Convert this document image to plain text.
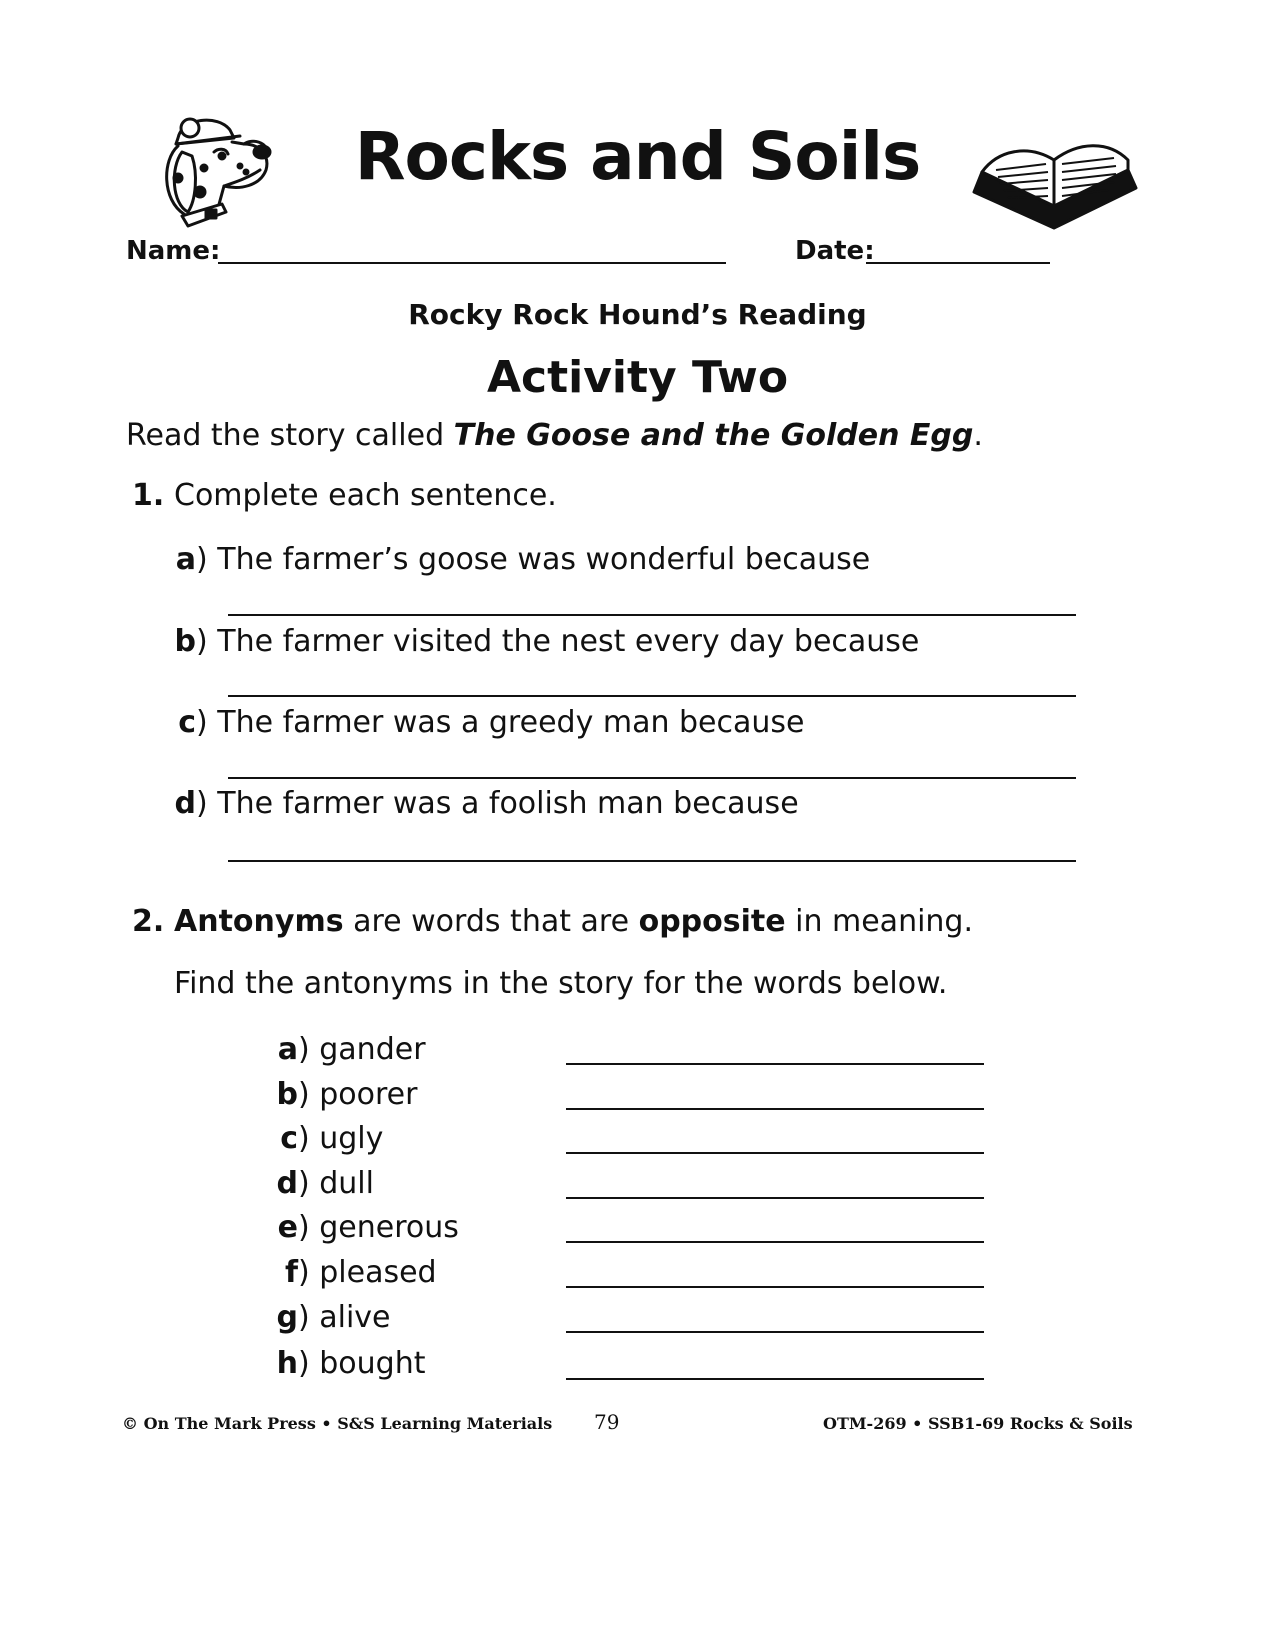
Rocks and Soils
Name:	Date:
Rocky Rock Hound’s Reading
Activity Two
Read the story called The Goose and the Golden Egg.
1. Complete each sentence.
a) The farmer’s goose was wonderful because
b) The farmer visited the nest every day because
c) The farmer was a greedy man because
d) The farmer was a foolish man because
2. Antonyms are words that are opposite in meaning.
Find the antonyms in the story for the words below.
a) gander
b) poorer
c) ugly
d) dull
e) generous
f) pleased
g) alive
h) bought
© On The Mark Press • S&S Learning Materials 79	OTM-269 • SSB1-69 Rocks & Soils
